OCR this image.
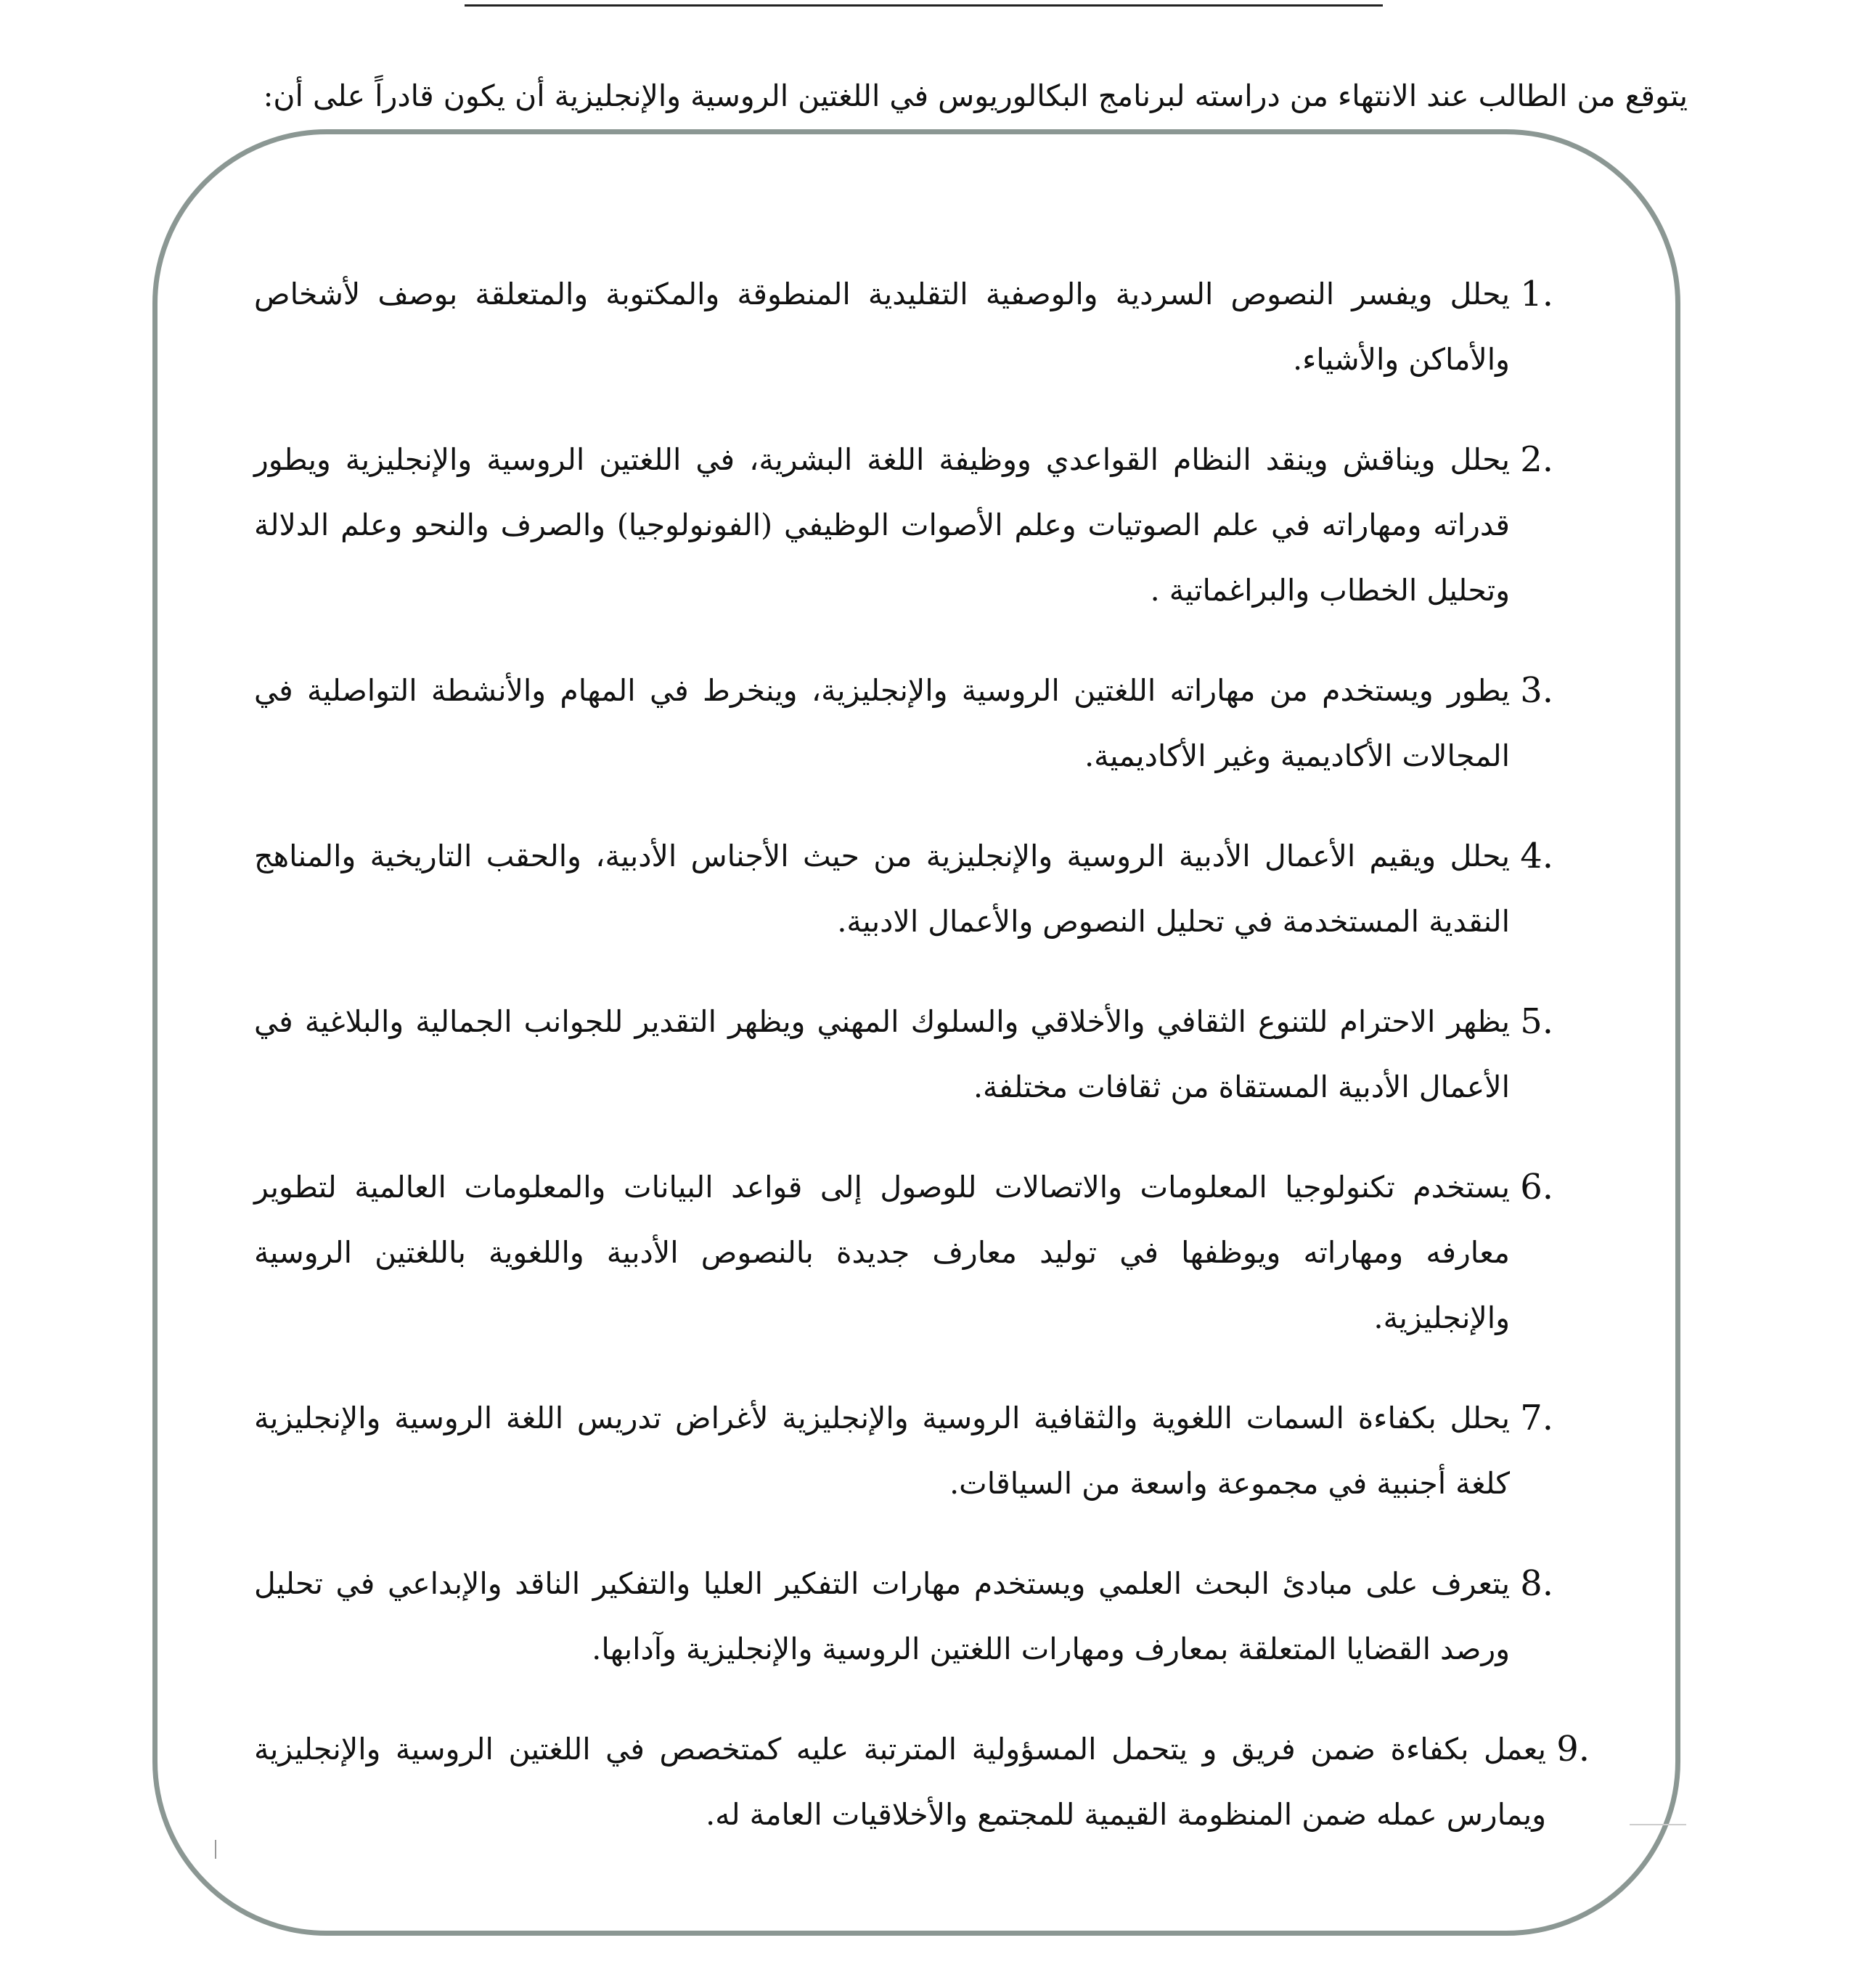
يتوقع من الطالب عند الانتهاء من دراسته لبرنامج البكالوريوس في اللغتين الروسية والإنجليزية أن يكون قادراً على أن:
1.
يحلل ويفسر النصوص السردية والوصفية التقليدية المنطوقة والمكتوبة والمتعلقة بوصف لأشخاص والأماكن والأشياء.
2.
يحلل ويناقش وينقد النظام القواعدي ووظيفة اللغة البشرية، في اللغتين الروسية والإنجليزية ويطور قدراته ومهاراته في علم الصوتيات وعلم الأصوات الوظيفي (الفونولوجيا) والصرف والنحو وعلم الدلالة وتحليل الخطاب والبراغماتية .
3.
يطور ويستخدم من مهاراته اللغتين الروسية والإنجليزية، وينخرط في المهام والأنشطة التواصلية في المجالات الأكاديمية وغير الأكاديمية.
4.
يحلل ويقيم الأعمال الأدبية الروسية والإنجليزية من حيث الأجناس الأدبية، والحقب التاريخية والمناهج النقدية المستخدمة في تحليل النصوص والأعمال الادبية.
5.
يظهر الاحترام للتنوع الثقافي والأخلاقي والسلوك المهني ويظهر التقدير للجوانب الجمالية والبلاغية في الأعمال الأدبية المستقاة من ثقافات مختلفة.
6.
يستخدم تكنولوجيا المعلومات والاتصالات للوصول إلى قواعد البيانات والمعلومات العالمية لتطوير معارفه ومهاراته ويوظفها في توليد معارف جديدة بالنصوص الأدبية واللغوية باللغتين الروسية والإنجليزية.
7.
يحلل بكفاءة السمات اللغوية والثقافية الروسية والإنجليزية لأغراض تدريس اللغة الروسية والإنجليزية كلغة أجنبية في مجموعة واسعة من السياقات.
8.
يتعرف على مبادئ البحث العلمي ويستخدم مهارات التفكير العليا والتفكير الناقد والإبداعي في تحليل ورصد القضايا المتعلقة بمعارف ومهارات اللغتين الروسية والإنجليزية وآدابها.
9.
يعمل بكفاءة ضمن فريق و يتحمل المسؤولية المترتبة عليه كمتخصص في اللغتين الروسية والإنجليزية ويمارس عمله ضمن المنظومة القيمية للمجتمع والأخلاقيات العامة له.
